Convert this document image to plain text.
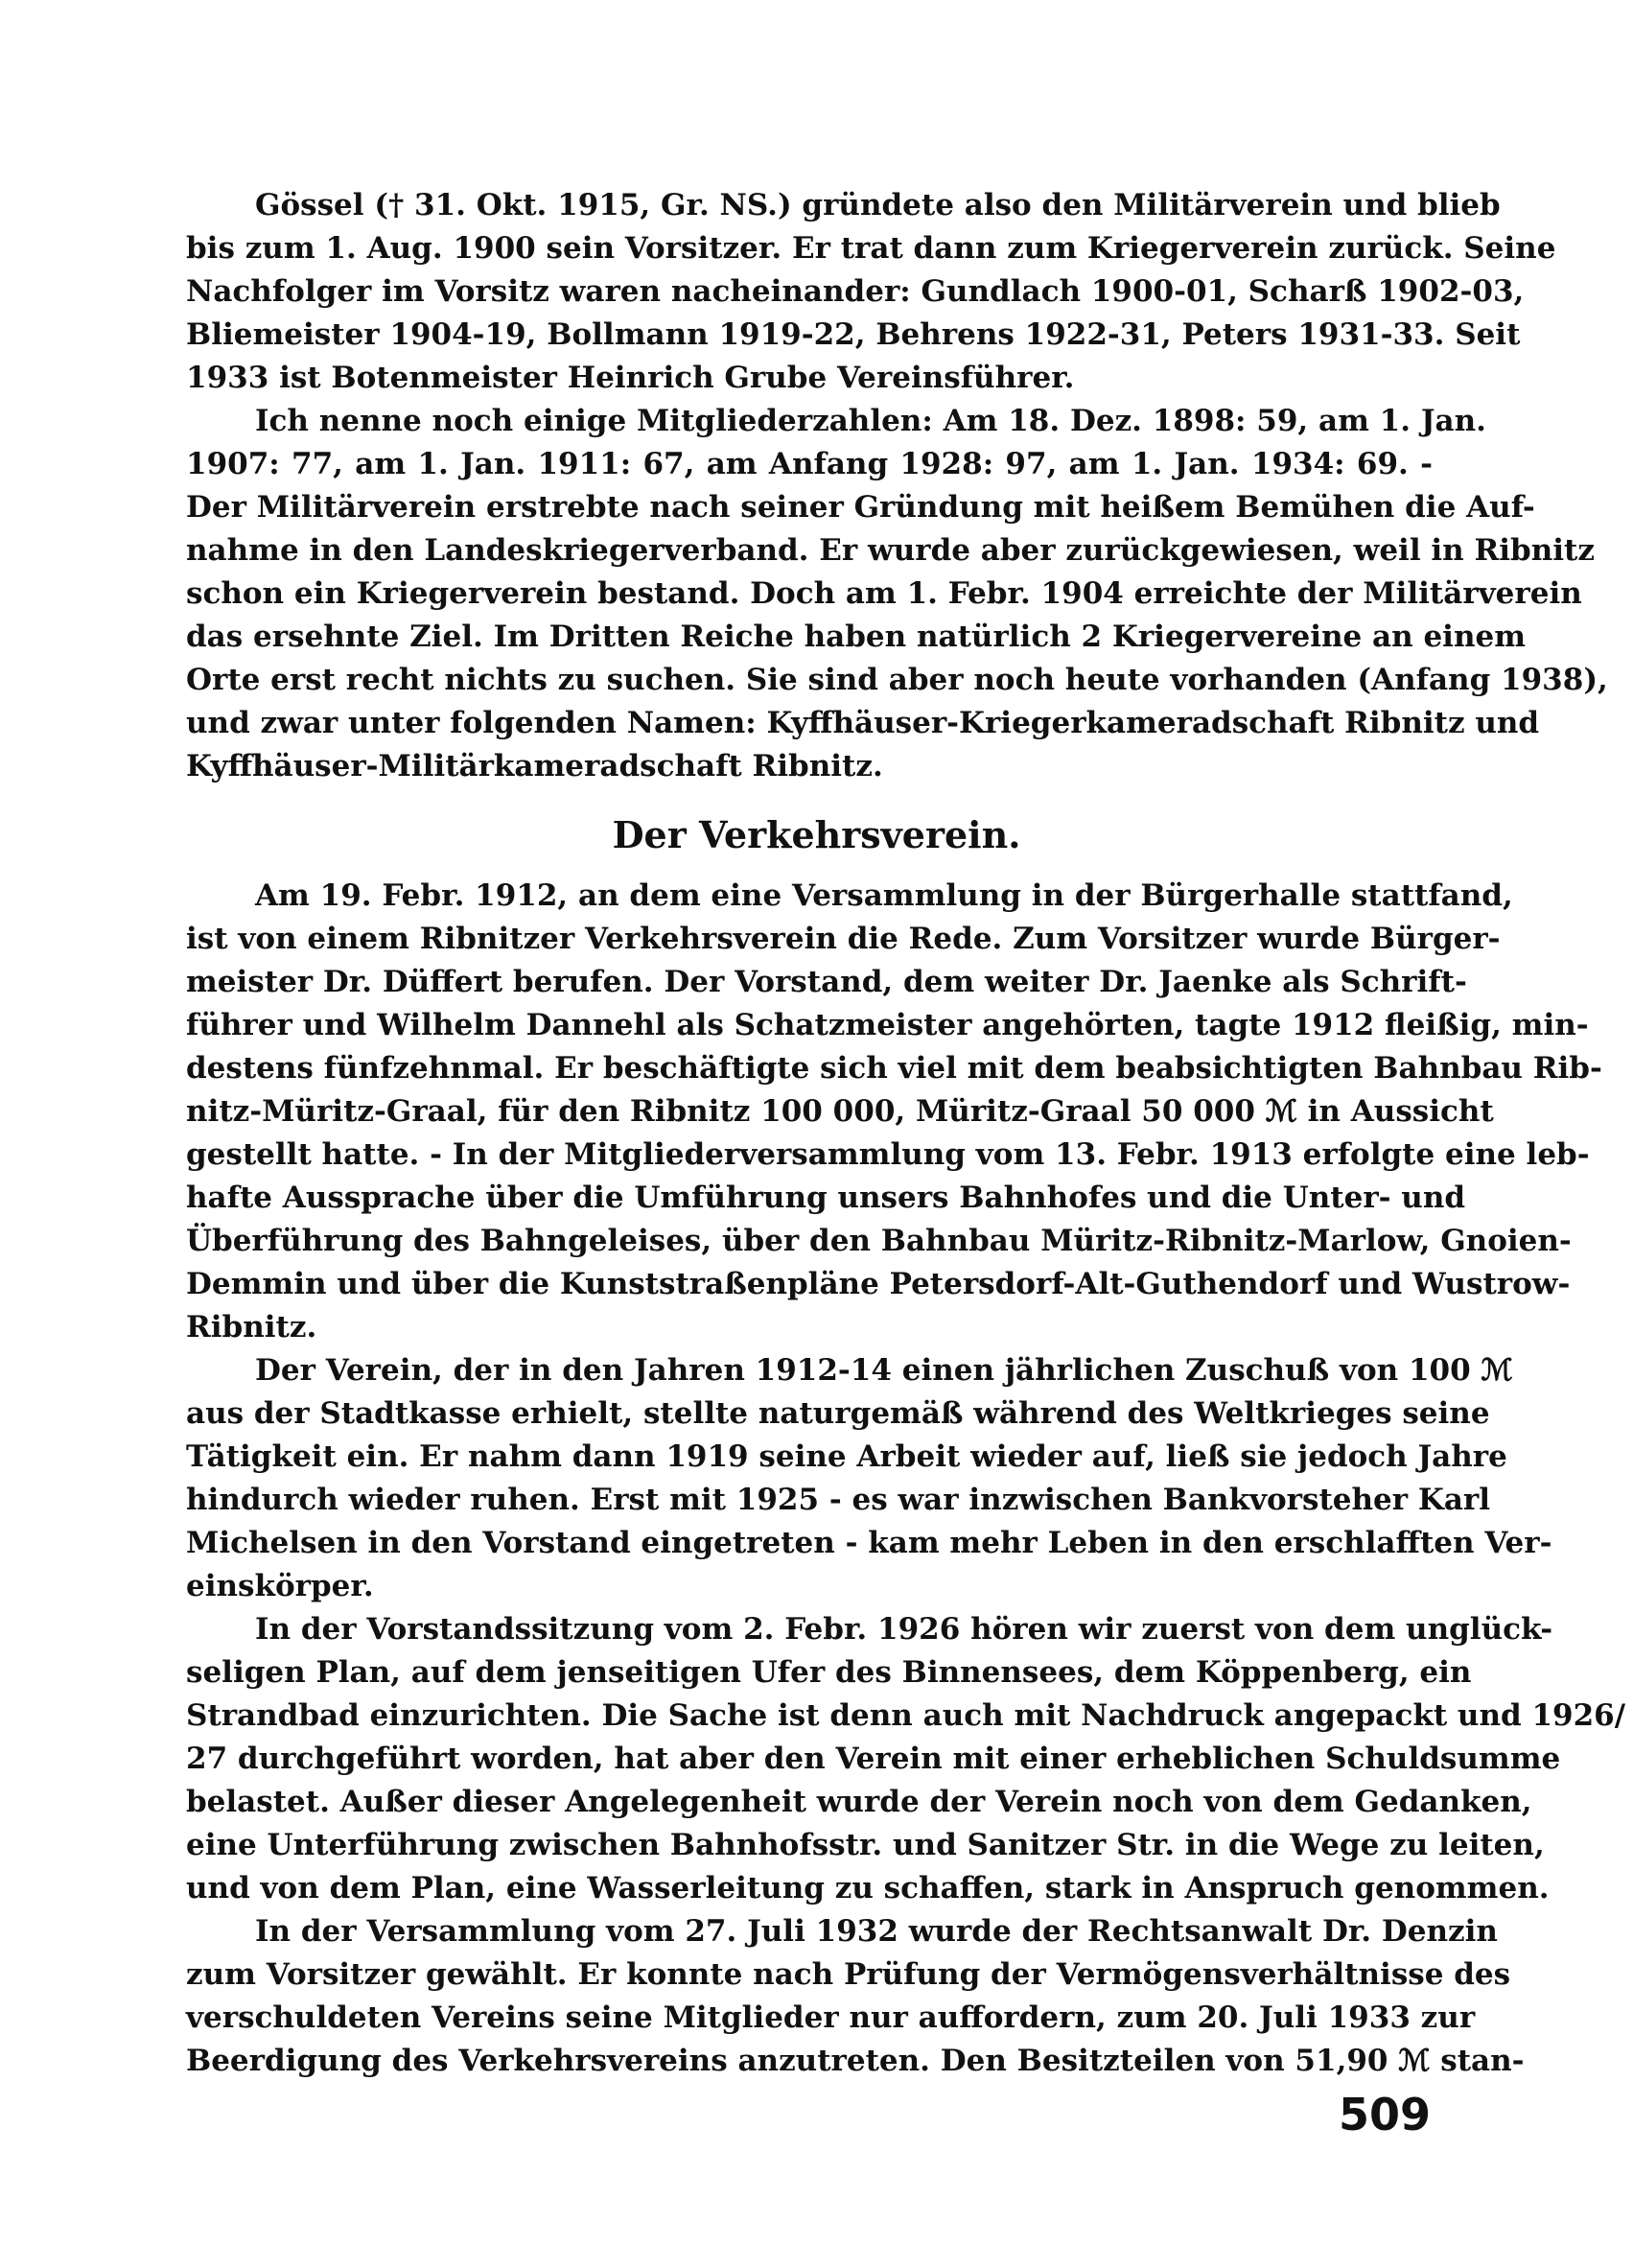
Gössel († 31. Okt. 1915, Gr. NS.) gründete also den Militärverein und blieb
bis zum 1. Aug. 1900 sein Vorsitzer. Er trat dann zum Kriegerverein zurück. Seine
Nachfolger im Vorsitz waren nacheinander: Gundlach 1900-01, Scharß 1902-03,
Bliemeister 1904-19, Bollmann 1919-22, Behrens 1922-31, Peters 1931-33. Seit
1933 ist Botenmeister Heinrich Grube Vereinsführer.
Ich nenne noch einige Mitgliederzahlen: Am 18. Dez. 1898: 59, am 1. Jan.
1907: 77, am 1. Jan. 1911: 67, am Anfang 1928: 97, am 1. Jan. 1934: 69. -
Der Militärverein erstrebte nach seiner Gründung mit heißem Bemühen die Auf-
nahme in den Landeskriegerverband. Er wurde aber zurückgewiesen, weil in Ribnitz
schon ein Kriegerverein bestand. Doch am 1. Febr. 1904 erreichte der Militärverein
das ersehnte Ziel. Im Dritten Reiche haben natürlich 2 Kriegervereine an einem
Orte erst recht nichts zu suchen. Sie sind aber noch heute vorhanden (Anfang 1938),
und zwar unter folgenden Namen: Kyffhäuser-Kriegerkameradschaft Ribnitz und
Kyffhäuser-Militärkameradschaft Ribnitz.
Der Verkehrsverein.
Am 19. Febr. 1912, an dem eine Versammlung in der Bürgerhalle stattfand,
ist von einem Ribnitzer Verkehrsverein die Rede. Zum Vorsitzer wurde Bürger-
meister Dr. Düffert berufen. Der Vorstand, dem weiter Dr. Jaenke als Schrift-
führer und Wilhelm Dannehl als Schatzmeister angehörten, tagte 1912 fleißig, min-
destens fünfzehnmal. Er beschäftigte sich viel mit dem beabsichtigten Bahnbau Rib-
nitz-Müritz-Graal, für den Ribnitz 100 000, Müritz-Graal 50 000 ℳ in Aussicht
gestellt hatte. - In der Mitgliederversammlung vom 13. Febr. 1913 erfolgte eine leb-
hafte Aussprache über die Umführung unsers Bahnhofes und die Unter- und
Überführung des Bahngeleises, über den Bahnbau Müritz-Ribnitz-Marlow, Gnoien-
Demmin und über die Kunststraßenpläne Petersdorf-Alt-Guthendorf und Wustrow-
Ribnitz.
Der Verein, der in den Jahren 1912-14 einen jährlichen Zuschuß von 100 ℳ
aus der Stadtkasse erhielt, stellte naturgemäß während des Weltkrieges seine
Tätigkeit ein. Er nahm dann 1919 seine Arbeit wieder auf, ließ sie jedoch Jahre
hindurch wieder ruhen. Erst mit 1925 - es war inzwischen Bankvorsteher Karl
Michelsen in den Vorstand eingetreten - kam mehr Leben in den erschlafften Ver-
einskörper.
In der Vorstandssitzung vom 2. Febr. 1926 hören wir zuerst von dem unglück-
seligen Plan, auf dem jenseitigen Ufer des Binnensees, dem Köppenberg, ein
Strandbad einzurichten. Die Sache ist denn auch mit Nachdruck angepackt und 1926/
27 durchgeführt worden, hat aber den Verein mit einer erheblichen Schuldsumme
belastet. Außer dieser Angelegenheit wurde der Verein noch von dem Gedanken,
eine Unterführung zwischen Bahnhofsstr. und Sanitzer Str. in die Wege zu leiten,
und von dem Plan, eine Wasserleitung zu schaffen, stark in Anspruch genommen.
In der Versammlung vom 27. Juli 1932 wurde der Rechtsanwalt Dr. Denzin
zum Vorsitzer gewählt. Er konnte nach Prüfung der Vermögensverhältnisse des
verschuldeten Vereins seine Mitglieder nur auffordern, zum 20. Juli 1933 zur
Beerdigung des Verkehrsvereins anzutreten. Den Besitzteilen von 51,90 ℳ stan-
509
